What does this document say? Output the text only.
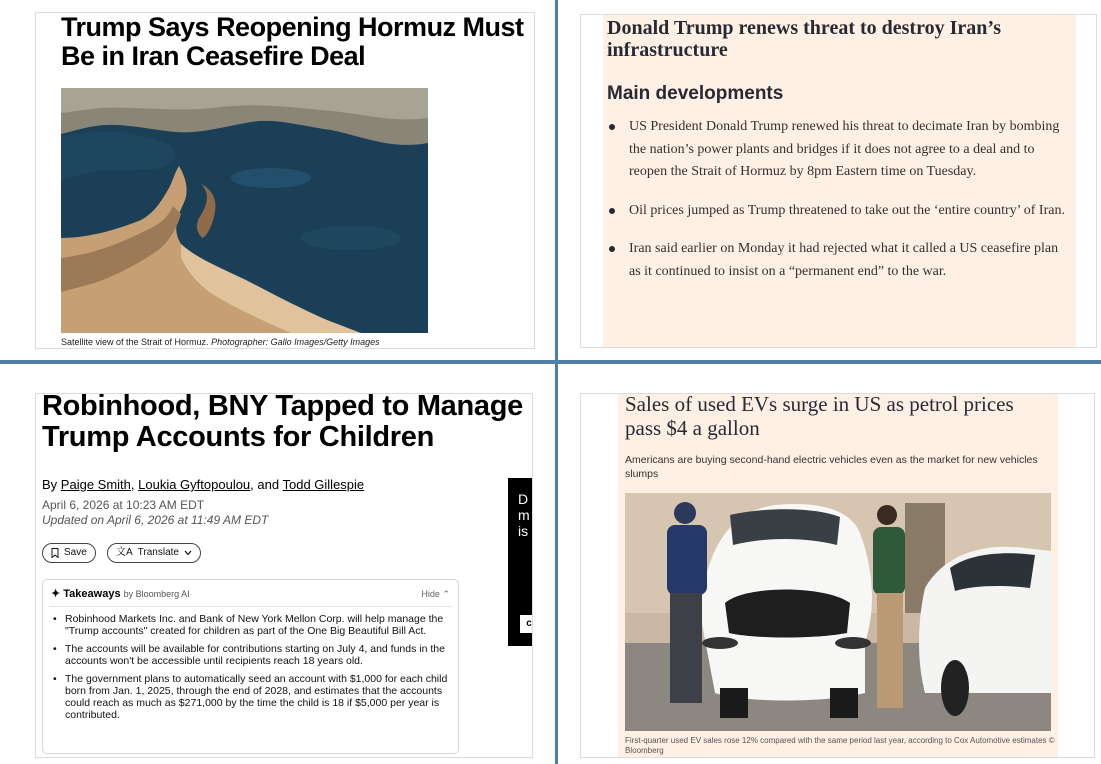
Trump Says Reopening Hormuz Must Be in Iran Ceasefire Deal
Satellite view of the Strait of Hormuz. Photographer: Gallo Images/Getty Images
Donald Trump renews threat to destroy Iran’s infrastructure
Main developments
US President Donald Trump renewed his threat to decimate Iran by bombing the nation’s power plants and bridges if it does not agree to a deal and to reopen the Strait of Hormuz by 8pm Eastern time on Tuesday.
Oil prices jumped as Trump threatened to take out the ‘entire country’ of Iran.
Iran said earlier on Monday it had rejected what it called a US ceasefire plan as it continued to insist on a “permanent end” to the war.
Robinhood, BNY Tapped to Manage Trump Accounts for Children
By Paige Smith, Loukia Gyftopoulou, and Todd Gillespie
April 6, 2026 at 10:23 AM EDT
Updated on April 6, 2026 at 11:49 AM EDT
Save	文A Translate
✦ Takeaways by Bloomberg AI	Hide ⌃
• Robinhood Markets Inc. and Bank of New York Mellon Corp. will help manage the "Trump accounts" created for children as part of the One Big Beautiful Bill Act.
• The accounts will be available for contributions starting on July 4, and funds in the accounts won't be accessible until recipients reach 18 years old.
• The government plans to automatically seed an account with $1,000 for each child born from Jan. 1, 2025, through the end of 2028, and estimates that the accounts could reach as much as $271,000 by the time the child is 18 if $5,000 per year is contributed.
D
m
is
c
Sales of used EVs surge in US as petrol prices pass $4 a gallon

Americans are buying second-hand electric vehicles even as the market for new vehicles slumps

First-quarter used EV sales rose 12% compared with the same period last year, according to Cox Automotive estimates © Bloomberg
